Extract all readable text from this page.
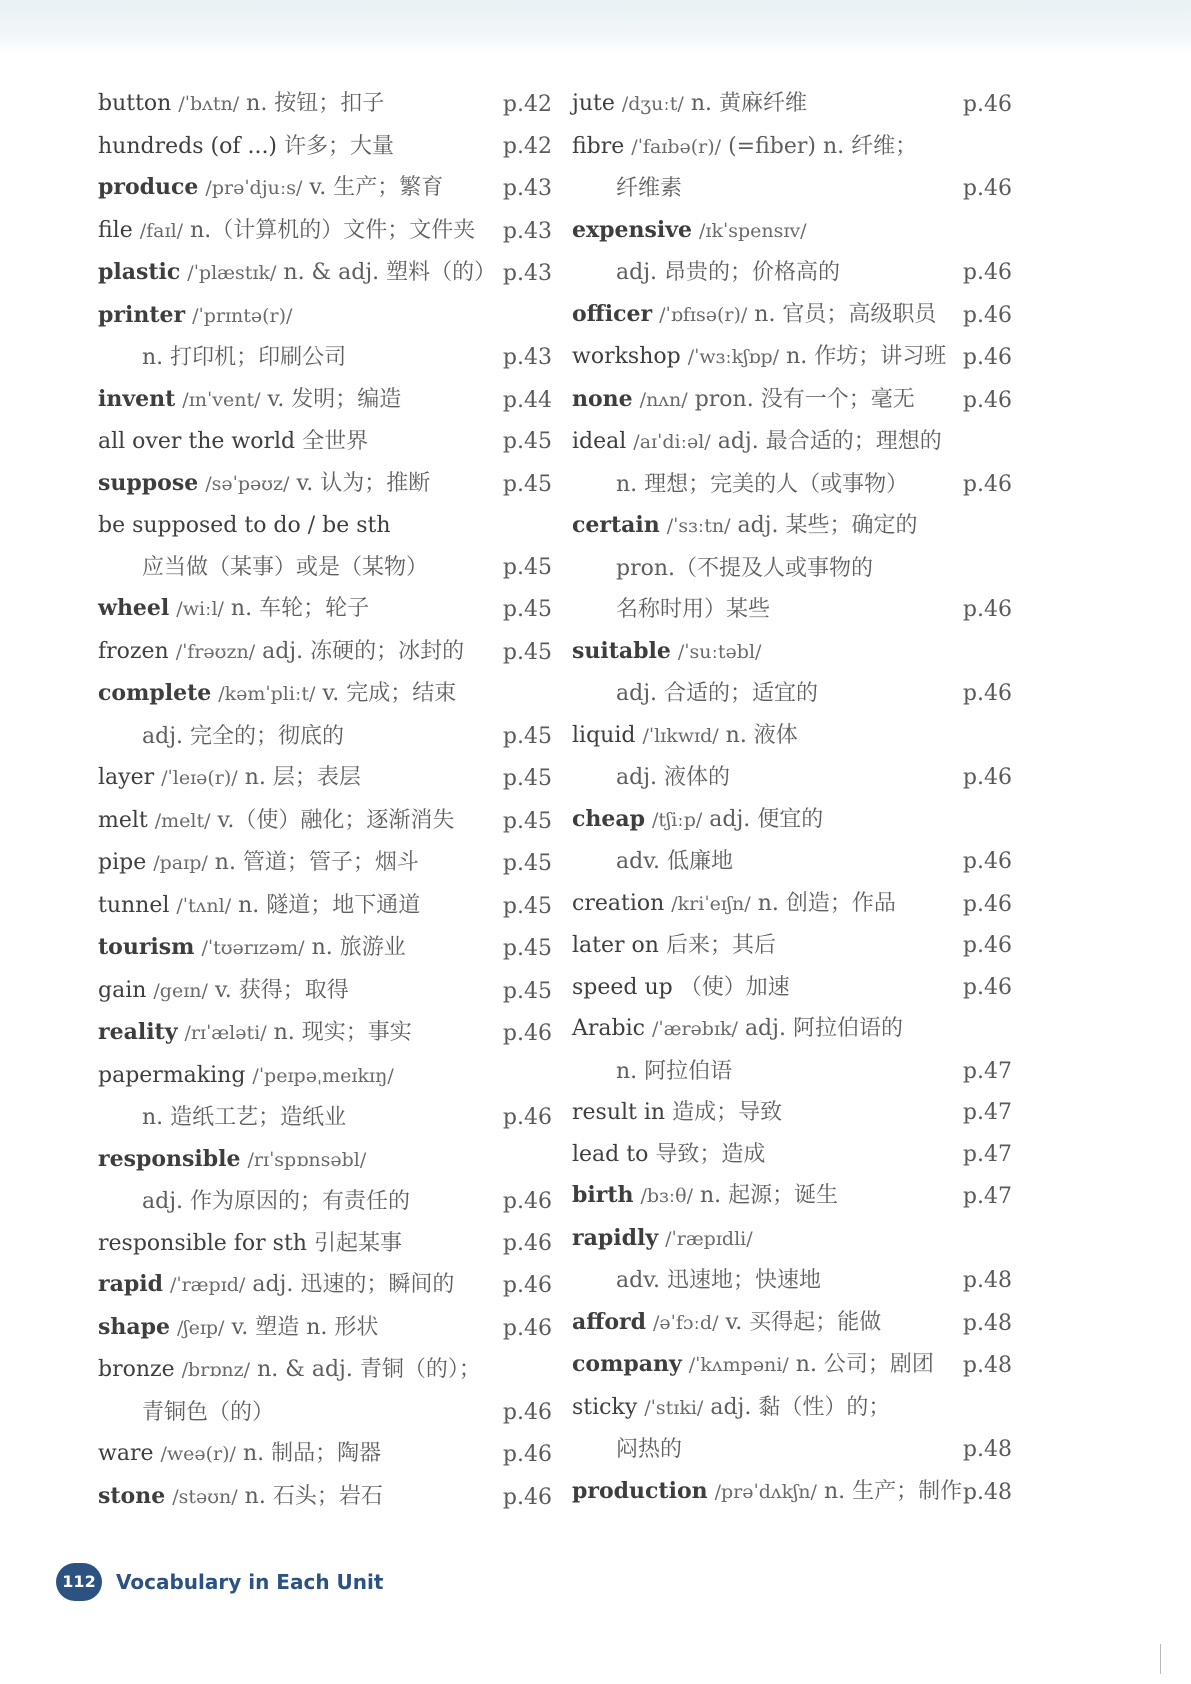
button /ˈbʌtn/ n. 按钮；扣子	p.42
hundreds (of ...) 许多；大量	p.42
produce /prəˈdjuːs/ v. 生产；繁育	p.43
file /faɪl/ n.（计算机的）文件；文件夹	p.43
plastic /ˈplæstɪk/ n. & adj. 塑料（的） p.43
printer /ˈprɪntə(r)/
n. 打印机；印刷公司	p.43
invent /ɪnˈvent/ v. 发明；编造	p.44
all over the world 全世界	p.45
suppose /səˈpəʊz/ v. 认为；推断	p.45
be supposed to do / be sth
应当做（某事）或是（某物）	p.45
wheel /wiːl/ n. 车轮；轮子	p.45
frozen /ˈfrəʊzn/ adj. 冻硬的；冰封的	p.45
complete /kəmˈpliːt/ v. 完成；结束
adj. 完全的；彻底的	p.45
layer /ˈleɪə(r)/ n. 层；表层	p.45
melt /melt/ v.（使）融化；逐渐消失	p.45
pipe /paɪp/ n. 管道；管子；烟斗	p.45
tunnel /ˈtʌnl/ n. 隧道；地下通道	p.45
tourism /ˈtʊərɪzəm/ n. 旅游业	p.45
gain /geɪn/ v. 获得；取得	p.45
reality /rɪˈæləti/ n. 现实；事实	p.46
papermaking /ˈpeɪpəˌmeɪkɪŋ/
n. 造纸工艺；造纸业	p.46
responsible /rɪˈspɒnsəbl/
adj. 作为原因的；有责任的	p.46
responsible for sth 引起某事	p.46
rapid /ˈræpɪd/ adj. 迅速的；瞬间的	p.46
shape /ʃeɪp/ v. 塑造 n. 形状	p.46
bronze /brɒnz/ n. & adj. 青铜（的）；
青铜色（的）	p.46
ware /weə(r)/ n. 制品；陶器	p.46
stone /stəʊn/ n. 石头；岩石	p.46
jute /dʒuːt/ n. 黄麻纤维	p.46
fibre /ˈfaɪbə(r)/ (=fiber) n. 纤维；
纤维素	p.46
expensive /ɪkˈspensɪv/
adj. 昂贵的；价格高的	p.46
officer /ˈɒfɪsə(r)/ n. 官员；高级职员	p.46
workshop /ˈwɜːkʃɒp/ n. 作坊；讲习班 p.46
none /nʌn/ pron. 没有一个；毫无	p.46
ideal /aɪˈdiːəl/ adj. 最合适的；理想的
n. 理想；完美的人（或事物）	p.46
certain /ˈsɜːtn/ adj. 某些；确定的
pron.（不提及人或事物的
名称时用）某些	p.46
suitable /ˈsuːtəbl/
adj. 合适的；适宜的	p.46
liquid /ˈlɪkwɪd/ n. 液体
adj. 液体的	p.46
cheap /tʃiːp/ adj. 便宜的
adv. 低廉地	p.46
creation /kriˈeɪʃn/ n. 创造；作品	p.46
later on 后来；其后	p.46
speed up （使）加速	p.46
Arabic /ˈærəbɪk/ adj. 阿拉伯语的
n. 阿拉伯语	p.47
result in 造成；导致	p.47
lead to 导致；造成	p.47
birth /bɜːθ/ n. 起源；诞生	p.47
rapidly /ˈræpɪdli/
adv. 迅速地；快速地	p.48
afford /əˈfɔːd/ v. 买得起；能做	p.48
company /ˈkʌmpəni/ n. 公司；剧团	p.48
sticky /ˈstɪki/ adj. 黏（性）的；
闷热的	p.48
production /prəˈdʌkʃn/ n. 生产；制作 p.48
112	Vocabulary in Each Unit
